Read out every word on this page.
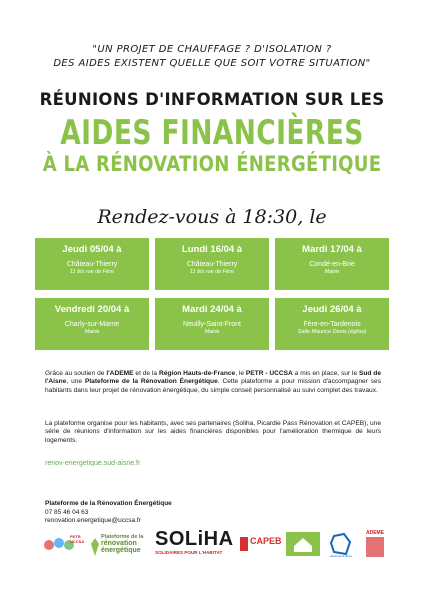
"UN PROJET DE CHAUFFAGE ? D'ISOLATION ?
DES AIDES EXISTENT QUELLE QUE SOIT VOTRE SITUATION"
RÉUNIONS D'INFORMATION SUR LES
AIDES FINANCIÈRES
À LA RÉNOVATION ÉNERGÉTIQUE
Rendez-vous à 18:30, le
Jeudi 05/04 à
Château-Thierry
11 bis rue de Fère
Lundi 16/04 à
Château-Thierry
11 bis rue de Fère
Mardi 17/04 à
Condé-en-Brie
Mairie
Vendredi 20/04 à
Charly-sur-Marne
Mairie
Mardi 24/04 à
Neuilly-Saint-Front
Mairie
Jeudi 26/04 à
Fère-en-Tardenois
Salle Maurice Denis (église)
Grâce au soutien de l'ADEME et de la Région Hauts-de-France, le PETR - UCCSA a mis en place, sur le Sud de l'Aisne, une Plateforme de la Rénovation Énergétique. Cette plateforme a pour mission d'accompagner ses habitants dans leur projet de rénovation énergétique, du simple conseil personnalisé au suivi complet des travaux.
La plateforme organise pour les habitants, avec ses partenaires (Soliha, Picardie Pass Rénovation et CAPEB), une série de réunions d'information sur les aides financières disponibles pour l'amélioration thermique de leurs logements.
renov-energetique.sud-aisne.fr
Plateforme de la Rénovation Énergétique
07 85 46 04 63
renovation.energetique@uccsa.fr
PETR UCCSA
Plateforme de la
rénovation
énergétique
SOLiHA
SOLIDAIRES POUR L'HABITAT
CAPEB
Hauts-de-France
ADEME
